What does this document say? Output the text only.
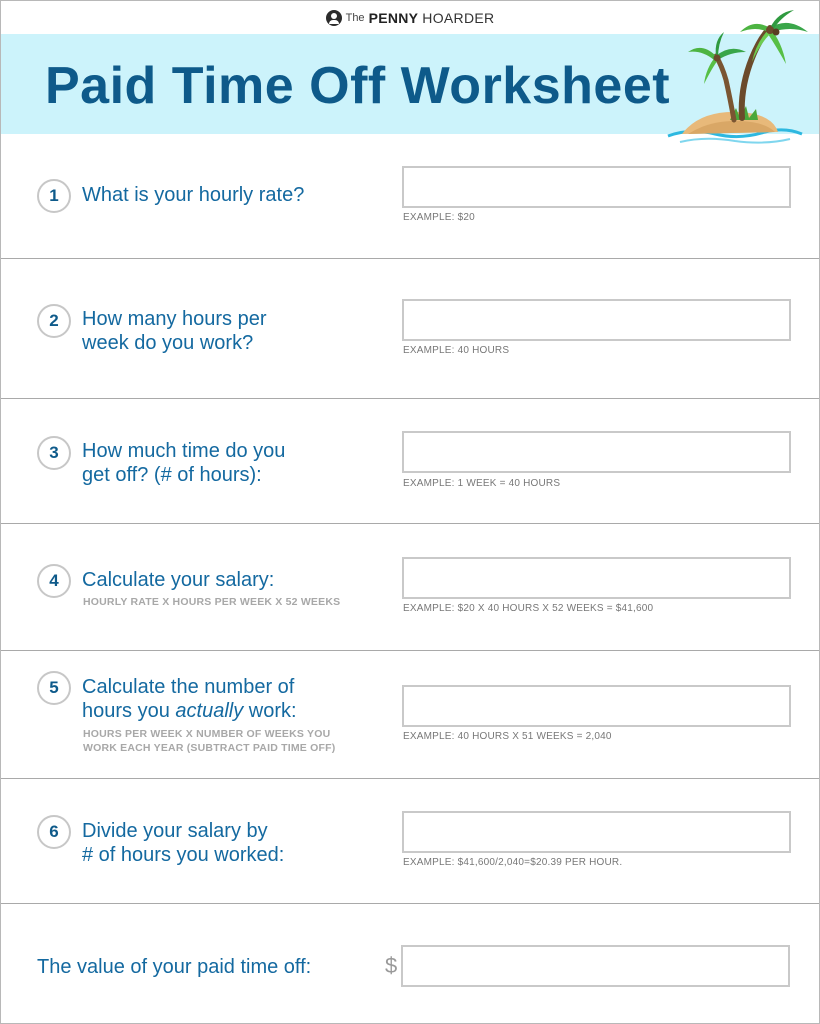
The PENNY HOARDER
Paid Time Off Worksheet
1	What is your hourly rate?
EXAMPLE: $20
2	How many hours per
week do you work?	EXAMPLE: 40 HOURS
3	How much time do you
get off? (# of hours):	EXAMPLE: 1 WEEK = 40 HOURS
4	Calculate your salary:
HOURLY RATE X HOURS PER WEEK X 52 WEEKS
EXAMPLE: $20 X 40 HOURS X 52 WEEKS = $41,600
5	Calculate the number of
hours you actually work:
HOURS PER WEEK X NUMBER OF WEEKS YOU
WORK EACH YEAR (SUBTRACT PAID TIME OFF)
EXAMPLE: 40 HOURS X 51 WEEKS = 2,040
6	Divide your salary by
# of hours you worked:	EXAMPLE: $41,600/2,040=$20.39 PER HOUR.
The value of your paid time off:	$
